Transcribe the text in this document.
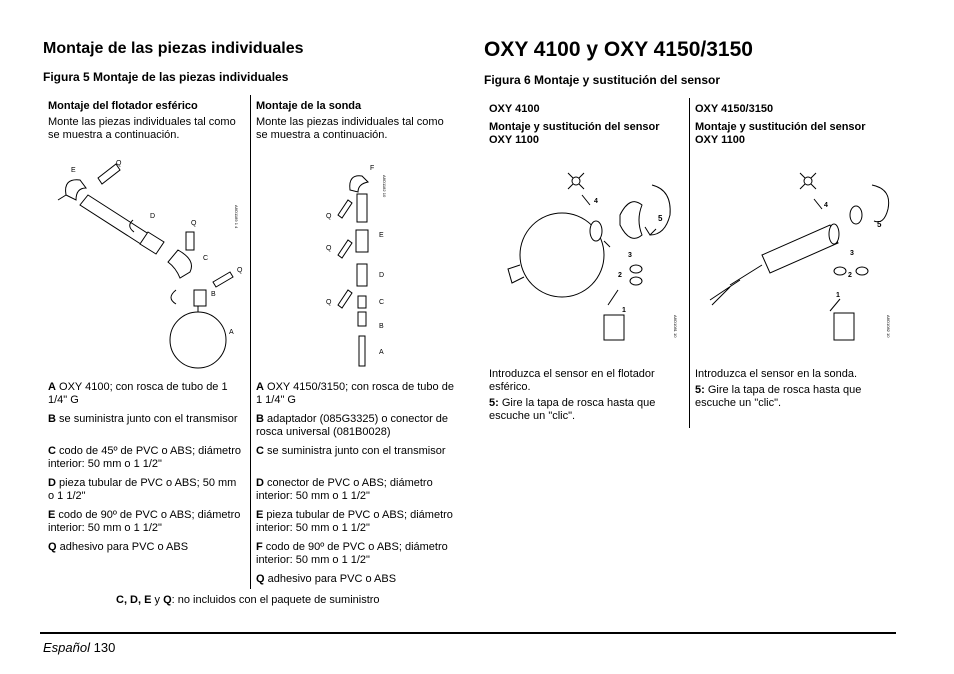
Montaje de las piezas individuales
Figura 5 Montaje de las piezas individuales
Montaje del flotador esférico
Monte las piezas individuales tal como se muestra a continuación.
E
Q
D
Q
C
Q
B
A
A8O1189 1 4
A OXY 4100; con rosca de tubo de 1 1/4" G
B se suministra junto con el transmisor
C codo de 45º de PVC o ABS; diámetro interior: 50 mm o 1 1/2"
D pieza tubular de PVC o ABS; 50 mm o 1 1/2"
E codo de 90º de PVC o ABS; diámetro interior: 50 mm o 1 1/2"
Q adhesivo para PVC o ABS
Montaje de la sonda
Monte las piezas individuales tal como se muestra a continuación.
F
Q
E
Q
D
Q	C
B
A
A8O1182 10
A OXY 4150/3150; con rosca de tubo de 1 1/4" G
B adaptador (085G3325) o conector de rosca universal (081B0028)
C se suministra junto con el transmisor
D conector de PVC o ABS; diámetro interior: 50 mm o 1 1/2"
E pieza tubular de PVC o ABS; diámetro interior: 50 mm o 1 1/2"
F codo de 90º de PVC o ABS; diámetro interior: 50 mm o 1 1/2"
Q adhesivo para PVC o ABS
C, D, E y Q: no incluidos con el paquete de suministro
OXY 4100 y OXY 4150/3150
Figura 6 Montaje y sustitución del sensor
OXY 4100
Montaje y sustitución del sensor OXY 1100
4
5
3
2
1
A8O1081 10
Introduzca el sensor en el flotador esférico.
5: Gire la tapa de rosca hasta que escuche un "clic".
OXY 4150/3150
Montaje y sustitución del sensor OXY 1100
4
5
3
2
1
A8O1082 10
Introduzca el sensor en la sonda.
5: Gire la tapa de rosca hasta que escuche un "clic".
Español 130
